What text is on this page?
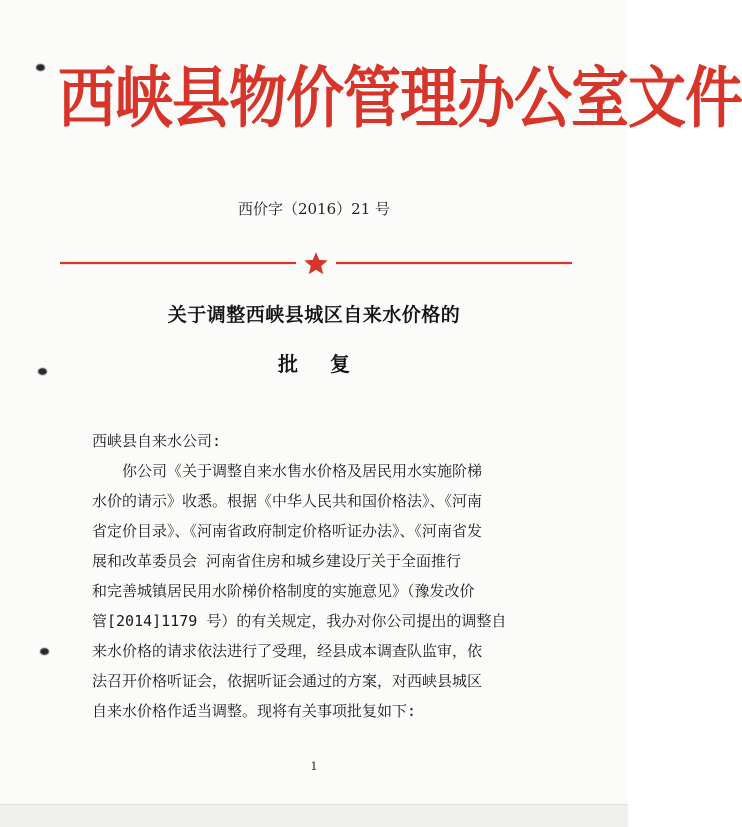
西峡县物价管理办公室文件
西价字（2016）21 号
关于调整西峡县城区自来水价格的
批复
西峡县自来水公司:
你公司《关于调整自来水售水价格及居民用水实施阶梯
水价的请示》收悉。根据《中华人民共和国价格法》、《河南
省定价目录》、《河南省政府制定价格听证办法》、《河南省发
展和改革委员会 河南省住房和城乡建设厅关于全面推行
和完善城镇居民用水阶梯价格制度的实施意见》（豫发改价
管[2014]1179 号）的有关规定，我办对你公司提出的调整自
来水价格的请求依法进行了受理，经县成本调查队监审，依
法召开价格听证会，依据听证会通过的方案，对西峡县城区
自来水价格作适当调整。现将有关事项批复如下:
1
